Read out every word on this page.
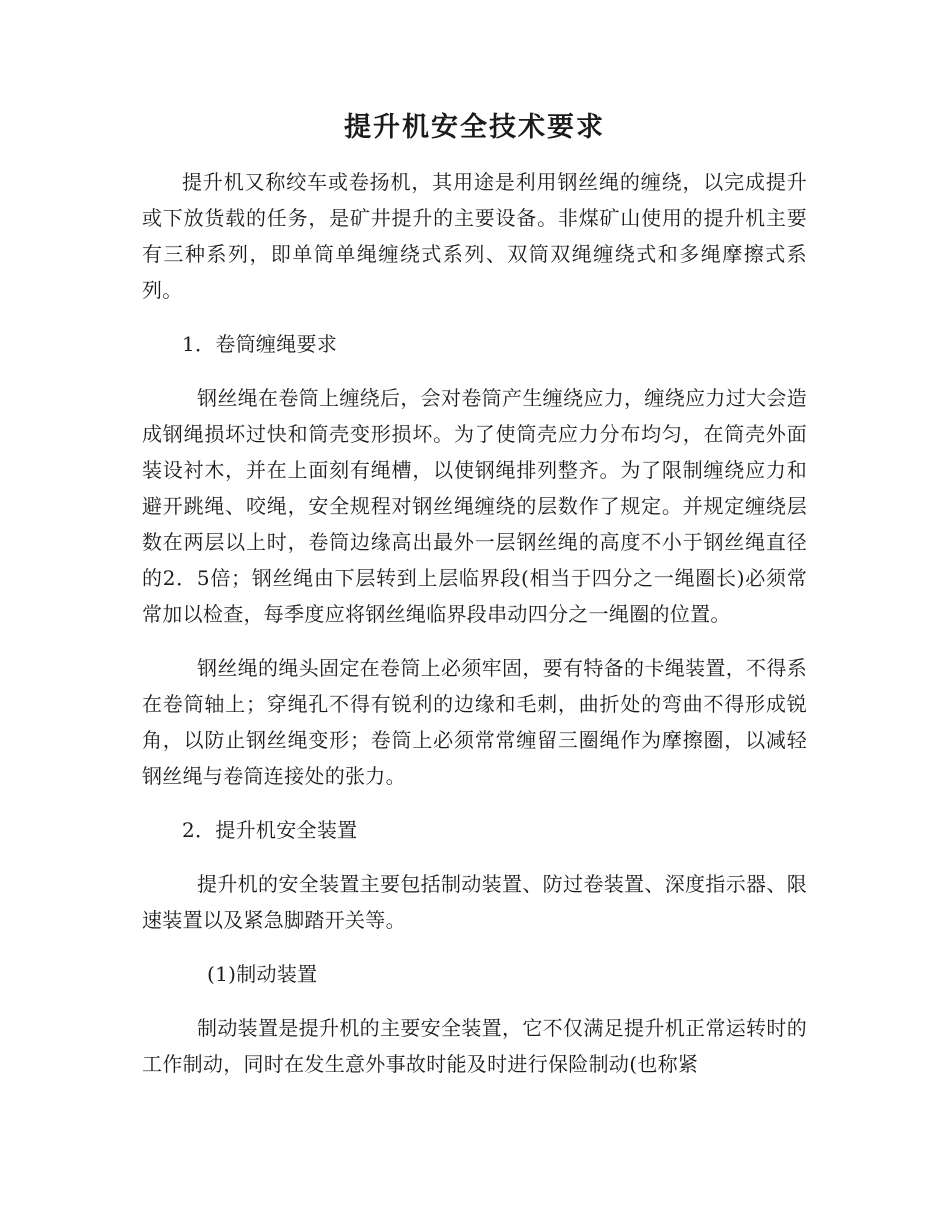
提升机安全技术要求

提升机又称绞车或卷扬机，其用途是利用钢丝绳的缠绕，以完成提升或下放货载的任务，是矿井提升的主要设备。非煤矿山使用的提升机主要有三种系列，即单筒单绳缠绕式系列、双筒双绳缠绕式和多绳摩擦式系列。

1．卷筒缠绳要求

钢丝绳在卷筒上缠绕后，会对卷筒产生缠绕应力，缠绕应力过大会造成钢绳损坏过快和筒壳变形损坏。为了使筒壳应力分布均匀，在筒壳外面装设衬木，并在上面刻有绳槽，以使钢绳排列整齐。为了限制缠绕应力和避开跳绳、咬绳，安全规程对钢丝绳缠绕的层数作了规定。并规定缠绕层数在两层以上时，卷筒边缘高出最外一层钢丝绳的高度不小于钢丝绳直径的2．5倍；钢丝绳由下层转到上层临界段(相当于四分之一绳圈长)必须常常加以检查，每季度应将钢丝绳临界段串动四分之一绳圈的位置。

钢丝绳的绳头固定在卷筒上必须牢固，要有特备的卡绳装置，不得系在卷筒轴上；穿绳孔不得有锐利的边缘和毛刺，曲折处的弯曲不得形成锐角，以防止钢丝绳变形；卷筒上必须常常缠留三圈绳作为摩擦圈，以减轻钢丝绳与卷筒连接处的张力。

2．提升机安全装置

提升机的安全装置主要包括制动装置、防过卷装置、深度指示器、限速装置以及紧急脚踏开关等。

(1)制动装置

制动装置是提升机的主要安全装置，它不仅满足提升机正常运转时的工作制动，同时在发生意外事故时能及时进行保险制动(也称紧
